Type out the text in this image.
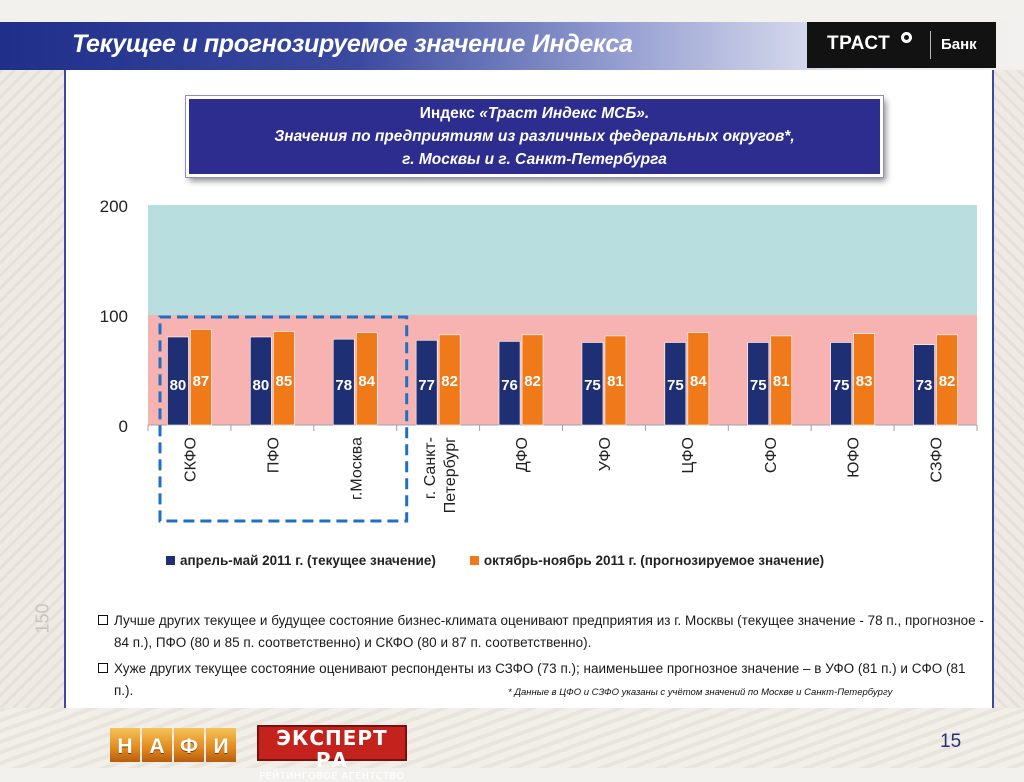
150
Текущее и прогнозируемое значение Индекса	ТРАСТ	Банк
Индекс «Траст Индекс МСБ».
Значения по предприятиям из различных федеральных округов*,
г. Москвы и г. Санкт-Петербурга
0
100
200
80 87
СКФО
80 85
ПФО
78 84
г.Москва
77 82
г. Санкт- Петербург
76 82
ДФО
75 81
УФО
75 84
ЦФО
75 81
СФО
75 83
ЮФО
73 82
СЗФО
апрель-май 2011 г. (текущее значение)	октябрь-ноябрь 2011 г. (прогнозируемое значение)
Лучше других текущее и будущее состояние бизнес-климата оценивают предприятия из г. Москвы (текущее значение - 78 п., прогнозное - 84 п.), ПФО (80 и 85 п. соответственно) и СКФО (80 и 87 п. соответственно).
Хуже других текущее состояние оценивают респонденты из СЗФО (73 п.); наименьшее прогнозное значение – в УФО (81 п.) и СФО (81 п.).	* Данные в ЦФО и СЗФО указаны с учётом значений по Москве и Санкт-Петербургу
Н А Ф И	ЭКСПЕРТ РА
РЕЙТИНГОВОЕ АГЕНТСТВО
15
